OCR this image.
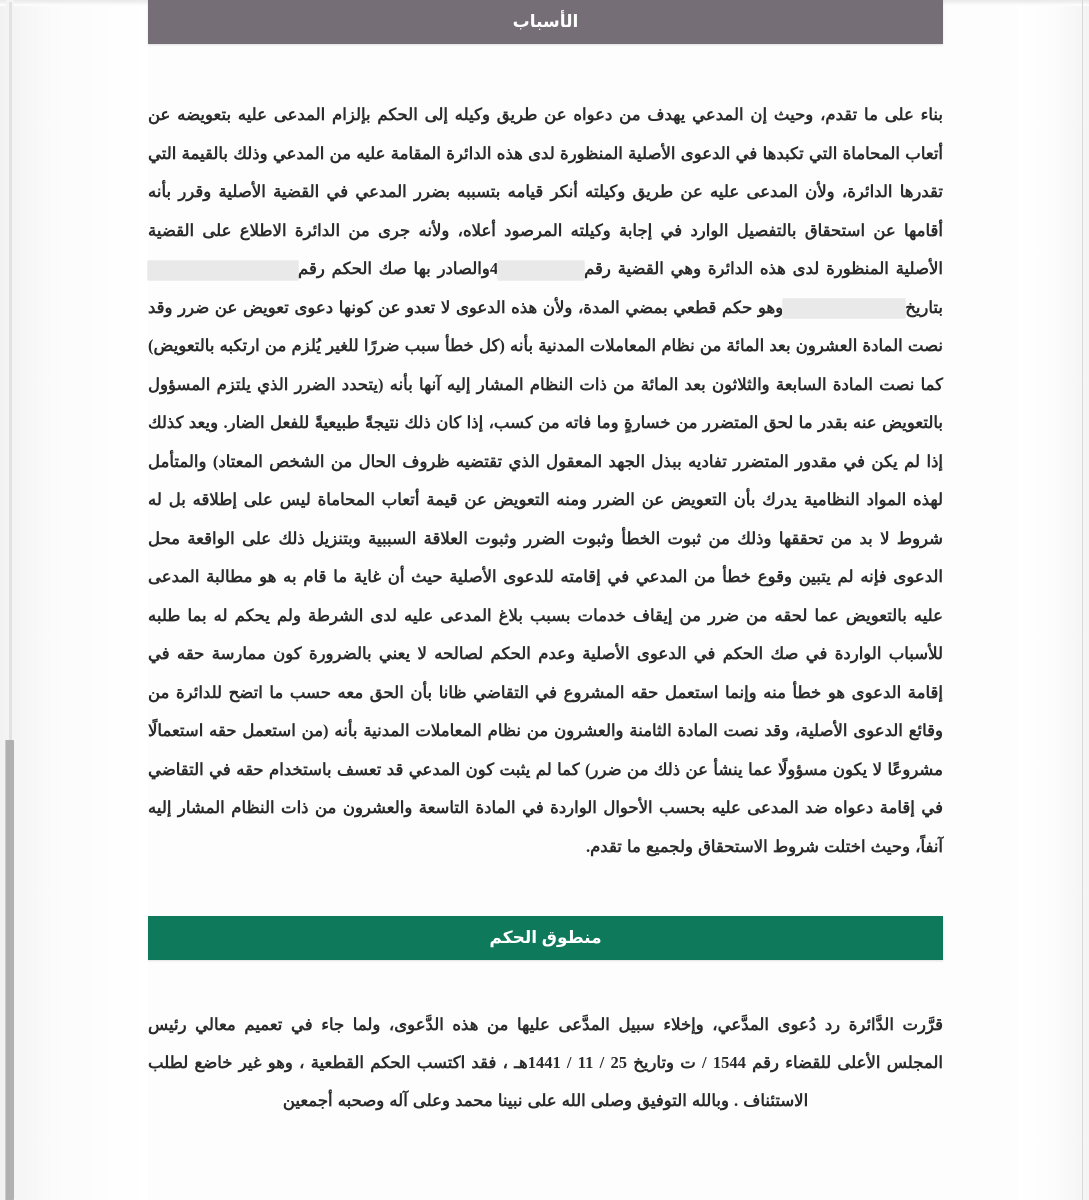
الأسباب
بناء على ما تقدم، وحيث إن المدعي يهدف من دعواه عن طريق وكيله إلى الحكم بإلزام المدعى عليه بتعويضه عن أتعاب المحاماة التي تكبدها في الدعوى الأصلية المنظورة لدى هذه الدائرة المقامة عليه من المدعي وذلك بالقيمة التي تقدرها الدائرة، ولأن المدعى عليه عن طريق وكيلته أنكر قيامه بتسببه بضرر المدعي في القضية الأصلية وقرر بأنه أقامها عن استحقاق بالتفصيل الوارد في إجابة وكيلته المرصود أعلاه، ولأنه جرى من الدائرة الاطلاع على القضية الأصلية المنظورة لدى هذه الدائرة وهي القضية رقم4والصادر بها صك الحكم رقمبتاريخوهو حكم قطعي بمضي المدة، ولأن هذه الدعوى لا تعدو عن كونها دعوى تعويض عن ضرر وقد نصت المادة العشرون بعد المائة من نظام المعاملات المدنية بأنه (كل خطأ سبب ضررًا للغير يُلزم من ارتكبه بالتعويض) كما نصت المادة السابعة والثلاثون بعد المائة من ذات النظام المشار إليه آنها بأنه (يتحدد الضرر الذي يلتزم المسؤول بالتعويض عنه بقدر ما لحق المتضرر من خسارةٍ وما فاته من كسب، إذا كان ذلك نتيجةً طبيعيةً للفعل الضار. ويعد كذلك إذا لم يكن في مقدور المتضرر تفاديه ببذل الجهد المعقول الذي تقتضيه ظروف الحال من الشخص المعتاد) والمتأمل لهذه المواد النظامية يدرك بأن التعويض عن الضرر ومنه التعويض عن قيمة أتعاب المحاماة ليس على إطلاقه بل له شروط لا بد من تحققها وذلك من ثبوت الخطأ وثبوت الضرر وثبوت العلاقة السببية وبتنزيل ذلك على الواقعة محل الدعوى فإنه لم يتبين وقوع خطأ من المدعي في إقامته للدعوى الأصلية حيث أن غاية ما قام به هو مطالبة المدعى عليه بالتعويض عما لحقه من ضرر من إيقاف خدمات بسبب بلاغ المدعى عليه لدى الشرطة ولم يحكم له بما طلبه للأسباب الواردة في صك الحكم في الدعوى الأصلية وعدم الحكم لصالحه لا يعني بالضرورة كون ممارسة حقه في إقامة الدعوى هو خطأ منه وإنما استعمل حقه المشروع في التقاضي ظانا بأن الحق معه حسب ما اتضح للدائرة من وقائع الدعوى الأصلية، وقد نصت المادة الثامنة والعشرون من نظام المعاملات المدنية بأنه (من استعمل حقه استعمالًا مشروعًا لا يكون مسؤولًا عما ينشأ عن ذلك من ضرر) كما لم يثبت كون المدعي قد تعسف باستخدام حقه في التقاضي في إقامة دعواه ضد المدعى عليه بحسب الأحوال الواردة في المادة التاسعة والعشرون من ذات النظام المشار إليه آنفاً، وحيث اختلت شروط الاستحقاق ولجميع ما تقدم.
منطوق الحكم
قرَّرت الدَّائرة رد دُعوى المدَّعي، وإخلاء سبيل المدَّعى عليها من هذه الدَّعوى، ولما جاء في تعميم معالي رئيس المجلس الأعلى للقضاء رقم 1544 / ت وتاريخ 25 / 11 / 1441هـ ، فقد اكتسب الحكم القطعية ، وهو غير خاضع لطلب الاستئناف . وبالله التوفيق وصلى الله على نبينا محمد وعلى آله وصحبه أجمعين
